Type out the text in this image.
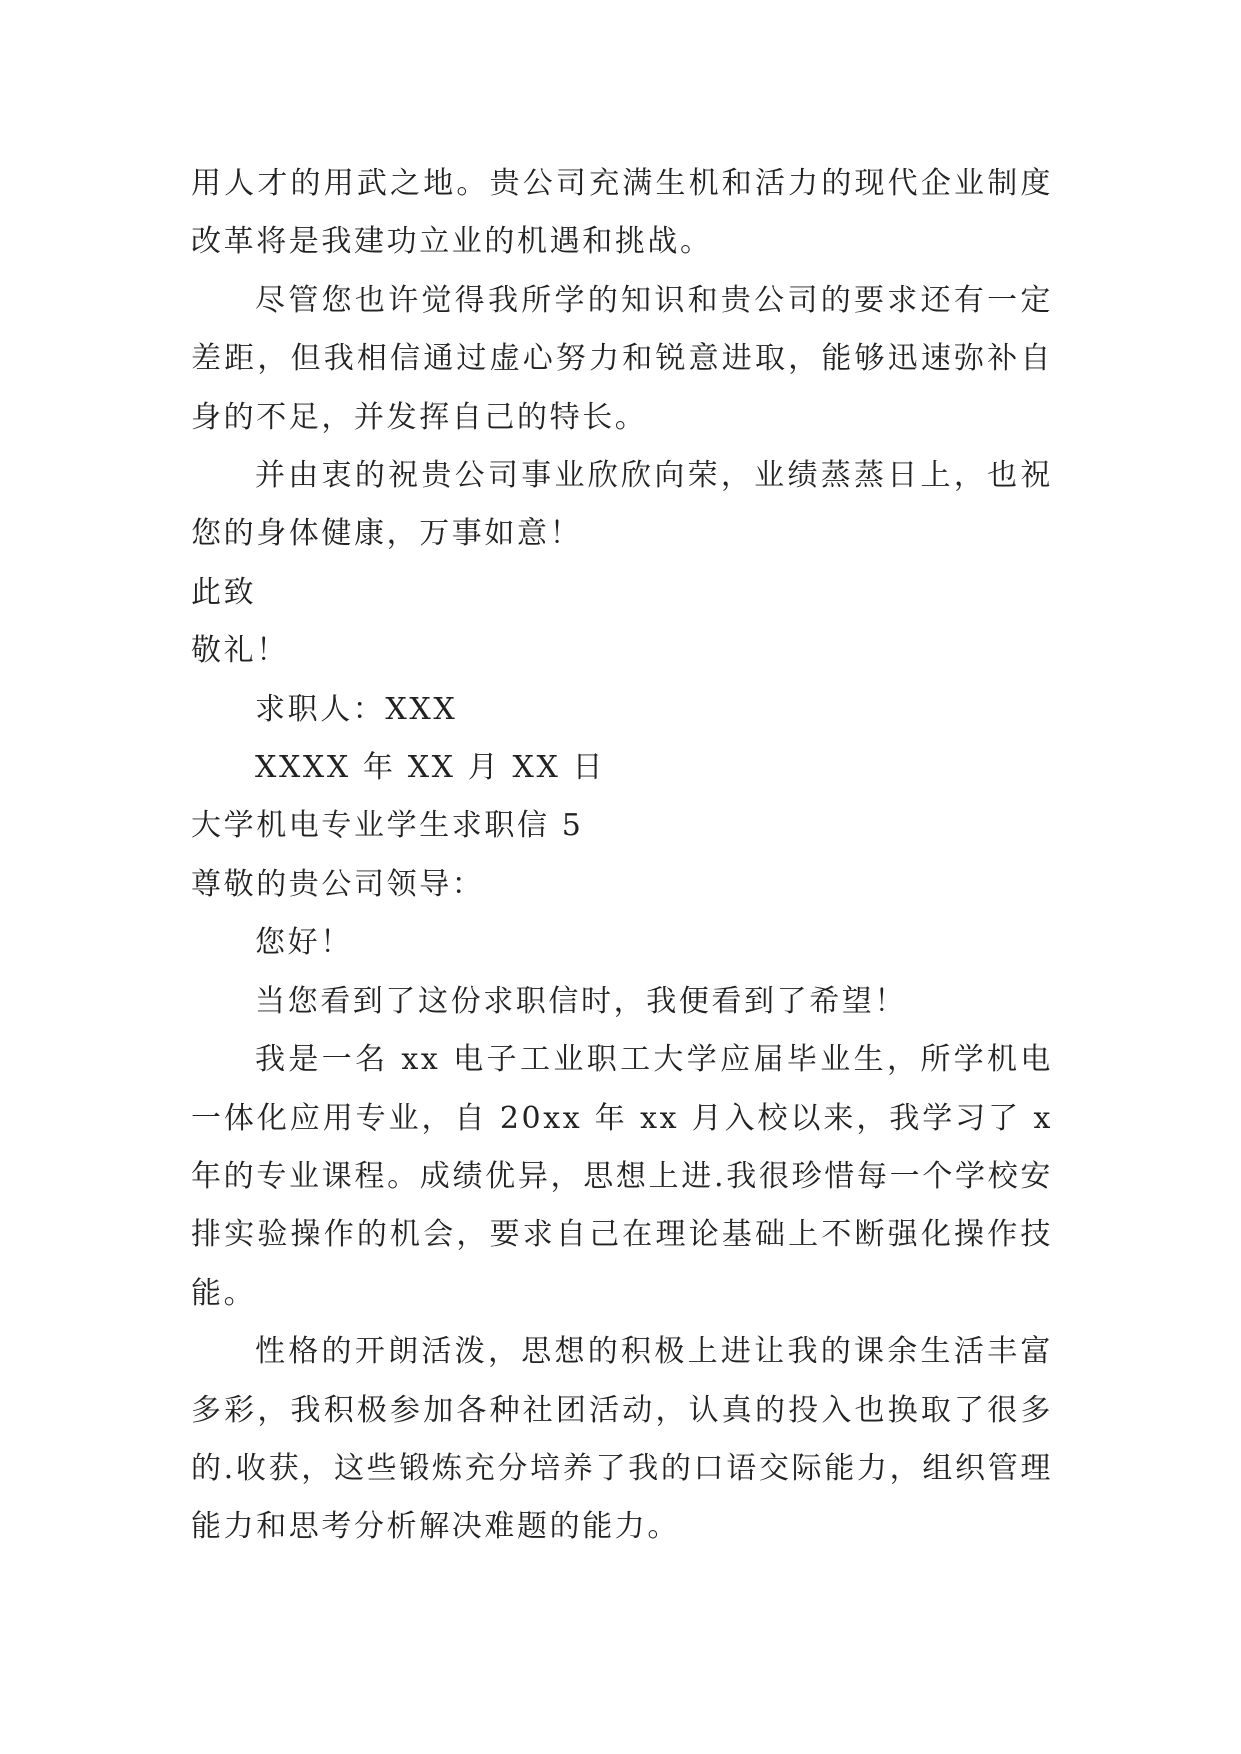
用人才的用武之地。贵公司充满生机和活力的现代企业制度改革将是我建功立业的机遇和挑战。

尽管您也许觉得我所学的知识和贵公司的要求还有一定差距，但我相信通过虚心努力和锐意进取，能够迅速弥补自身的不足，并发挥自己的特长。

并由衷的祝贵公司事业欣欣向荣，业绩蒸蒸日上，也祝您的身体健康，万事如意！

此致

敬礼！

求职人：XXX

XXXX 年 XX 月 XX 日

大学机电专业学生求职信 5

尊敬的贵公司领导：

您好！

当您看到了这份求职信时，我便看到了希望！

我是一名 xx 电子工业职工大学应届毕业生，所学机电一体化应用专业，自 20xx 年 xx 月入校以来，我学习了 x 年的专业课程。成绩优异，思想上进.我很珍惜每一个学校安排实验操作的机会，要求自己在理论基础上不断强化操作技能。

性格的开朗活泼，思想的积极上进让我的课余生活丰富多彩，我积极参加各种社团活动，认真的投入也换取了很多的.收获，这些锻炼充分培养了我的口语交际能力，组织管理能力和思考分析解决难题的能力。
